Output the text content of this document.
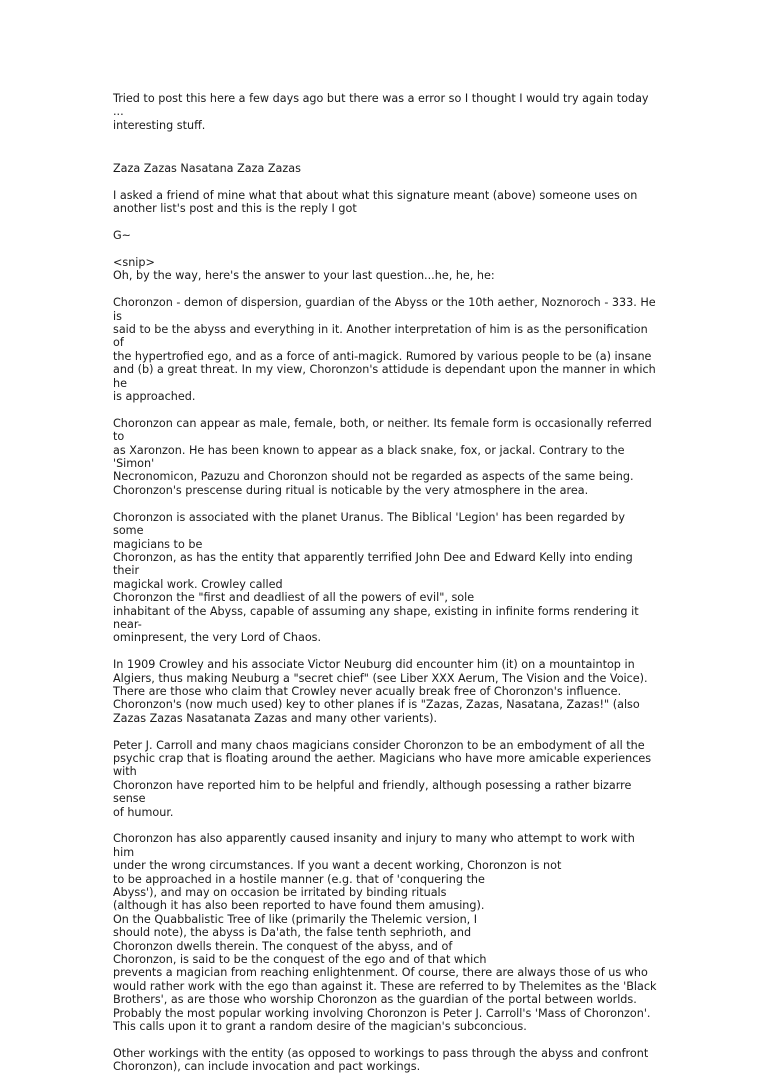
Tried to post this here a few days ago but there was a error so I thought I would try again today ...
interesting stuff.

Zaza Zazas Nasatana Zaza Zazas

I asked a friend of mine what that about what this signature meant (above) someone uses on
another list's post and this is the reply I got

G~

<snip>
Oh, by the way, here's the answer to your last question...he, he, he:

Choronzon - demon of dispersion, guardian of the Abyss or the 10th aether, Noznoroch - 333. He is
said to be the abyss and everything in it. Another interpretation of him is as the personification of
the hypertrofied ego, and as a force of anti-magick. Rumored by various people to be (a) insane
and (b) a great threat. In my view, Choronzon's attidude is dependant upon the manner in which he
is approached.

Choronzon can appear as male, female, both, or neither. Its female form is occasionally referred to
as Xaronzon. He has been known to appear as a black snake, fox, or jackal. Contrary to the 'Simon'
Necronomicon, Pazuzu and Choronzon should not be regarded as aspects of the same being.
Choronzon's prescense during ritual is noticable by the very atmosphere in the area.

Choronzon is associated with the planet Uranus. The Biblical 'Legion' has been regarded by some
magicians to be
Choronzon, as has the entity that apparently terrified John Dee and Edward Kelly into ending their
magickal work. Crowley called
Choronzon the "first and deadliest of all the powers of evil", sole
inhabitant of the Abyss, capable of assuming any shape, existing in infinite forms rendering it near-
ominpresent, the very Lord of Chaos.

In 1909 Crowley and his associate Victor Neuburg did encounter him (it) on a mountaintop in
Algiers, thus making Neuburg a "secret chief" (see Liber XXX Aerum, The Vision and the Voice).
There are those who claim that Crowley never acually break free of Choronzon's influence.
Choronzon's (now much used) key to other planes if is "Zazas, Zazas, Nasatana, Zazas!" (also
Zazas Zazas Nasatanata Zazas and many other varients).

Peter J. Carroll and many chaos magicians consider Choronzon to be an embodyment of all the
psychic crap that is floating around the aether. Magicians who have more amicable experiences with
Choronzon have reported him to be helpful and friendly, although posessing a rather bizarre sense
of humour.

Choronzon has also apparently caused insanity and injury to many who attempt to work with him
under the wrong circumstances. If you want a decent working, Choronzon is not
to be approached in a hostile manner (e.g. that of 'conquering the
Abyss'), and may on occasion be irritated by binding rituals
(although it has also been reported to have found them amusing).
On the Quabbalistic Tree of like (primarily the Thelemic version, I
should note), the abyss is Da'ath, the false tenth sephrioth, and
Choronzon dwells therein. The conquest of the abyss, and of
Choronzon, is said to be the conquest of the ego and of that which
prevents a magician from reaching enlightenment. Of course, there are always those of us who
would rather work with the ego than against it. These are referred to by Thelemites as the 'Black
Brothers', as are those who worship Choronzon as the guardian of the portal between worlds.
Probably the most popular working involving Choronzon is Peter J. Carroll's 'Mass of Choronzon'.
This calls upon it to grant a random desire of the magician's subconcious.

Other workings with the entity (as opposed to workings to pass through the abyss and confront
Choronzon), can include invocation and pact workings.
